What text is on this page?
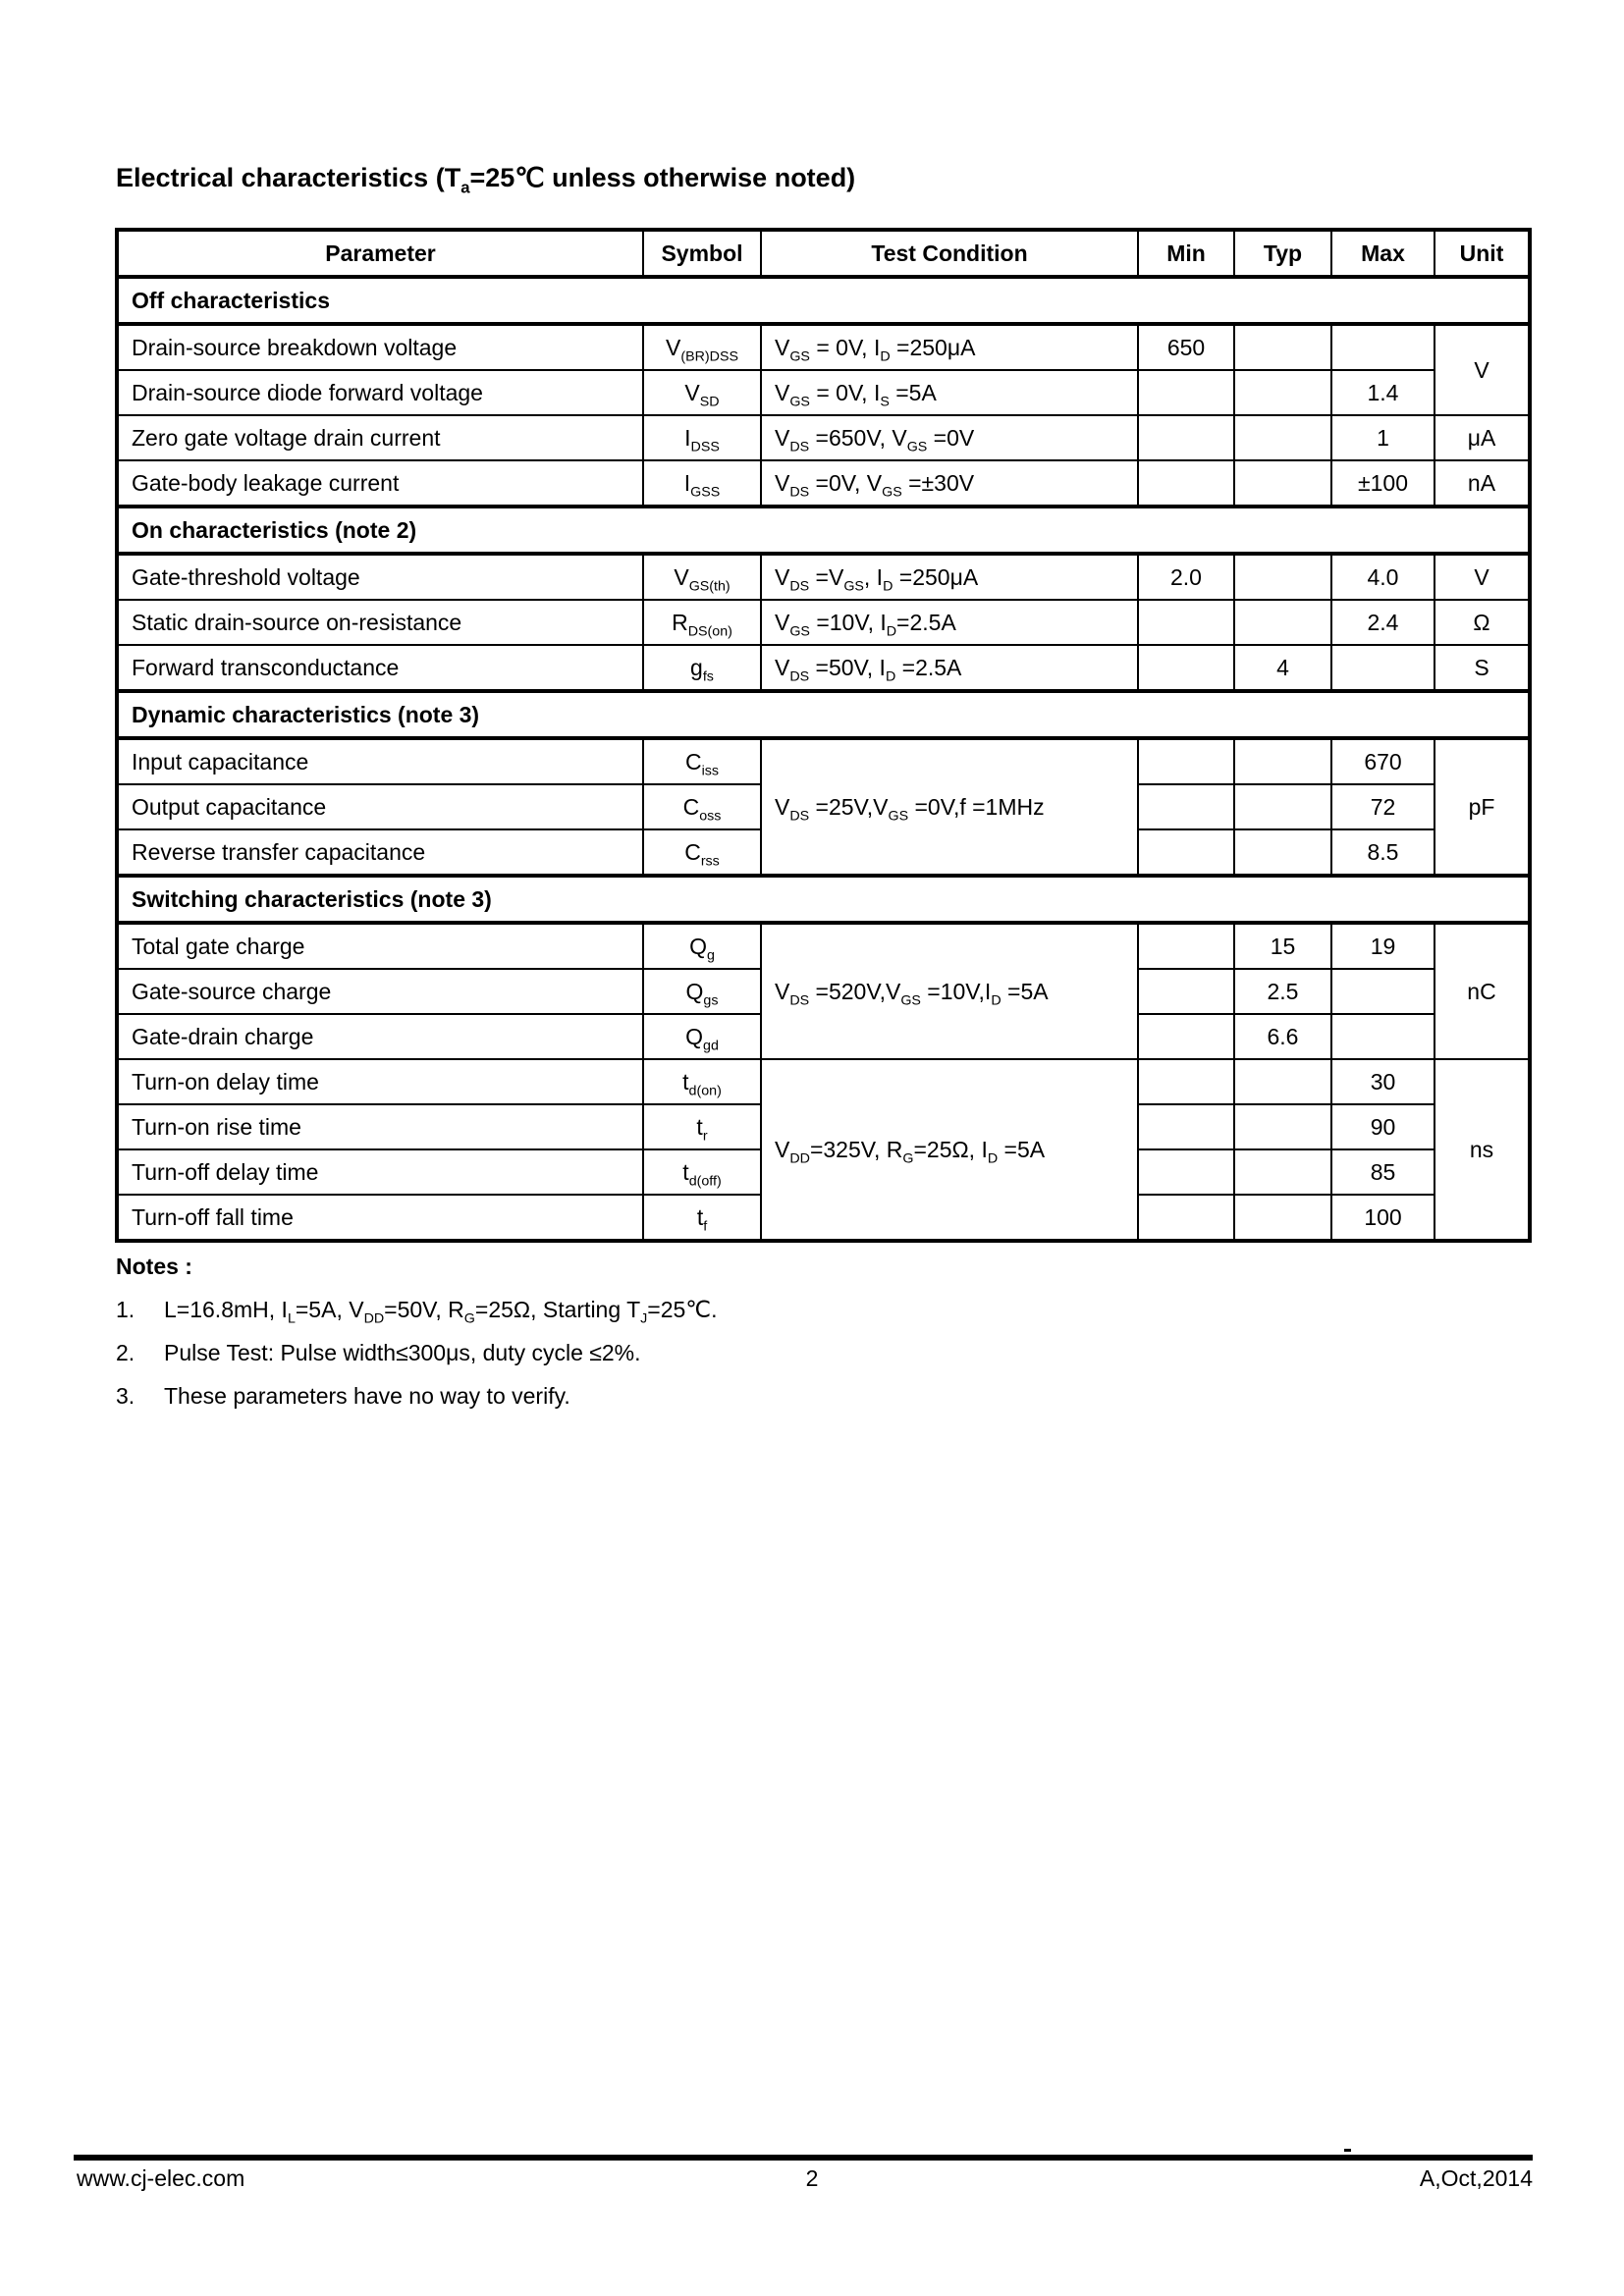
Electrical characteristics ($T_a=25℃$ unless otherwise noted)
Parameter	Symbol	Test Condition	Min	Typ	Max	Unit
Off characteristics						
Drain-source breakdown voltage	$V_{(BR)DSS}$	$V_{GS} = 0V$, $I_D =250\mu A$	650			V
Drain-source diode forward voltage	$V_{SD}$	$V_{GS} = 0V$, $I_S =5A$			1.4	
Zero gate voltage drain current	$I_{DSS}$	$V_{DS} =650V$, $V_{GS} =0V$			1	μA
Gate-body leakage current	$I_{GSS}$	$V_{DS} =0V$, $V_{GS} =\pm 30V$			±100	nA
On characteristics (note 2)						
Gate-threshold voltage	$V_{GS(th)}$	$V_{DS} =V_{GS}$, $I_D =250\mu A$	2.0		4.0	V
Static drain-source on-resistance	$R_{DS(on)}$	$V_{GS} =10V$, $I_D=2.5A$			2.4	Ω
Forward transconductance	$g_{fs}$	$V_{DS} =50V$, $I_D =2.5A$		4		S
Dynamic characteristics (note 3)						
Input capacitance	$C_{iss}$	$V_{DS} =25V,V_{GS} =0V,f =1MHz$			670	pF
Output capacitance	$C_{oss}$				72	
Reverse transfer capacitance	$C_{rss}$				8.5	
Switching characteristics (note 3)						
Total gate charge	$Q_g$	$V_{DS} =520V,V_{GS} =10V,I_D =5A$		15	19	nC
Gate-source charge	$Q_{gs}$			2.5		
Gate-drain charge	$Q_{gd}$			6.6		
Turn-on delay time	$t_{d(on)}$	$V_{DD}=325V$, $R_G=25\Omega$, $I_D =5A$			30	ns
Turn-on rise time	$t_r$				90	
Turn-off delay time	$t_{d(off)}$				85	
Turn-off fall time	$t_f$				100	
Notes :
1. L=16.8mH, $I_L=5A$, $V_{DD}=50V$, $R_G=25\Omega$, Starting $T_J=25℃$.
2. Pulse Test: Pulse width≤300μs, duty cycle ≤2%.
3. These parameters have no way to verify.
www.cj-elec.com	2	A,Oct,2014
